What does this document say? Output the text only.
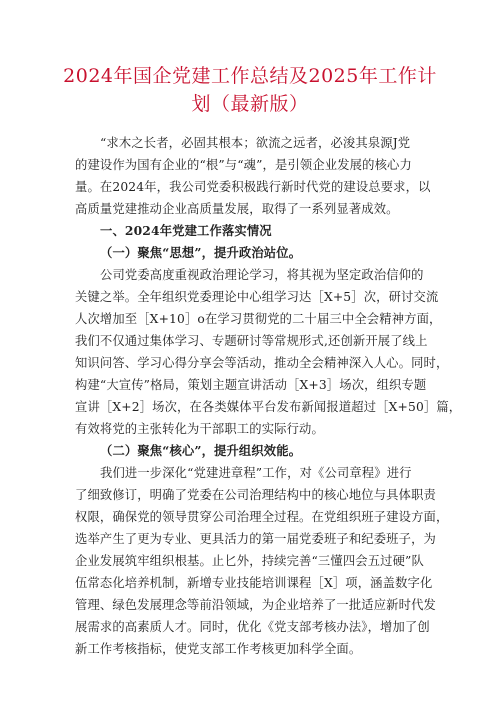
2024年国企党建工作总结及2025年工作计
划（最新版）
“求木之长者，必固其根本；欲流之远者，必浚其泉源J党
的建设作为国有企业的“根”与“魂”，是引领企业发展的核心力
量。在2024年，我公司党委积极践行新时代党的建设总要求，以
高质量党建推动企业高质量发展，取得了一系列显著成效。
一、2024年党建工作落实情况
（一）聚焦“思想”，提升政治站位。
公司党委高度重视政治理论学习，将其视为坚定政治信仰的
关键之举。全年组织党委理论中心组学习达［X+5］次，研讨交流
人次增加至［X+10］o在学习贯彻党的二十届三中全会精神方面，
我们不仅通过集体学习、专题研讨等常规形式,还创新开展了线上
知识问答、学习心得分享会等活动，推动全会精神深入人心。同时，
构建“大宣传”格局，策划主题宣讲活动［X+3］场次，组织专题
宣讲［X+2］场次，在各类媒体平台发布新闻报道超过［X+50］篇，
有效将党的主张转化为干部职工的实际行动。
（二）聚焦“核心”，提升组织效能。
我们进一步深化“党建进章程”工作，对《公司章程》进行
了细致修订，明确了党委在公司治理结构中的核心地位与具体职责
权限，确保党的领导贯穿公司治理全过程。在党组织班子建设方面，
选举产生了更为专业、更具活力的第一届党委班子和纪委班子，为
企业发展筑牢组织根基。止匕外，持续完善“三懂四会五过硬”队
伍常态化培养机制，新增专业技能培训课程［X］项，涵盖数字化
管理、绿色发展理念等前沿领域，为企业培养了一批适应新时代发
展需求的高素质人才。同时，优化《党支部考核办法》，增加了创
新工作考核指标，使党支部工作考核更加科学全面。
